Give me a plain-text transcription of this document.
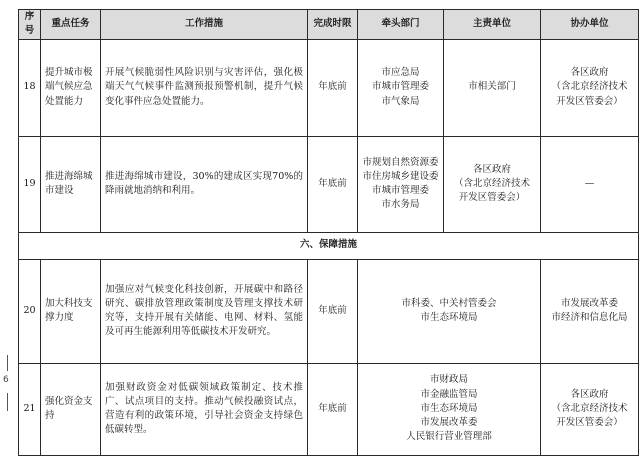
序号	重点任务	工作措施	完成时限	牵头部门	主责单位	协办单位
18	提升城市极端气候应急处置能力	开展气候脆弱性风险识别与灾害评估，强化极端天气气候事件监测预报预警机制，提升气候变化事件应急处置能力。	年底前	市应急局
市城市管理委
市气象局	市相关部门	各区政府
（含北京经济技术
开发区管委会）

19	推进海绵城市建设	推进海绵城市建设，30%的建成区实现70%的降雨就地消纳和利用。	年底前	市规划自然资源委
市住房城乡建设委
市城市管理委
市水务局	各区政府
（含北京经济技术
开发区管委会）	—

六、保障措施						
20	加大科技支撑力度	加强应对气候变化科技创新，开展碳中和路径研究、碳排放管理政策制度及管理支撑技术研究等，支持开展有关储能、电网、材料、氢能及可再生能源利用等低碳技术开发研究。	年底前	市科委、中关村管委会
市生态环境局		市发展改革委
市经济和信息化局

21	强化资金支持	加强财政资金对低碳领域政策制定、技术推广、试点项目的支持。推动气候投融资试点，营造有利的政策环境，引导社会资金支持绿色低碳转型。	年底前	市财政局
市金融监管局
市生态环境局
市发展改革委
人民银行营业管理部		各区政府
（含北京经济技术
开发区管委会）
6
